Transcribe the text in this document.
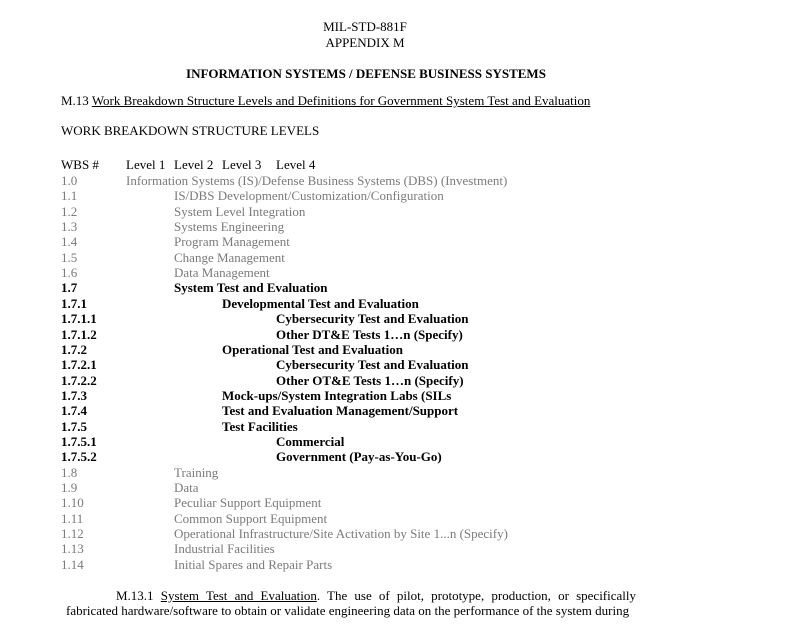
MIL-STD-881F
APPENDIX M
INFORMATION SYSTEMS / DEFENSE BUSINESS SYSTEMS
M.13 Work Breakdown Structure Levels and Definitions for Government System Test and Evaluation
WORK BREAKDOWN STRUCTURE LEVELS
WBS # Level 1 Level 2 Level 3 Level 4
1.0	Information Systems (IS)/Defense Business Systems (DBS) (Investment)
1.1	IS/DBS Development/Customization/Configuration
1.2	System Level Integration
1.3	Systems Engineering
1.4	Program Management
1.5	Change Management
1.6	Data Management
1.7	System Test and Evaluation
1.7.1	Developmental Test and Evaluation
1.7.1.1	Cybersecurity Test and Evaluation
1.7.1.2	Other DT&E Tests 1…n (Specify)
1.7.2	Operational Test and Evaluation
1.7.2.1	Cybersecurity Test and Evaluation
1.7.2.2	Other OT&E Tests 1…n (Specify)
1.7.3	Mock-ups/System Integration Labs (SILs
1.7.4	Test and Evaluation Management/Support
1.7.5	Test Facilities
1.7.5.1	Commercial
1.7.5.2	Government (Pay-as-You-Go)
1.8	Training
1.9	Data
1.10	Peculiar Support Equipment
1.11	Common Support Equipment
1.12	Operational Infrastructure/Site Activation by Site 1...n (Specify)
1.13	Industrial Facilities
1.14	Initial Spares and Repair Parts
M.13.1 System Test and Evaluation. The use of pilot, prototype, production, or specifically fabricated hardware/software to obtain or validate engineering data on the performance of the system during
